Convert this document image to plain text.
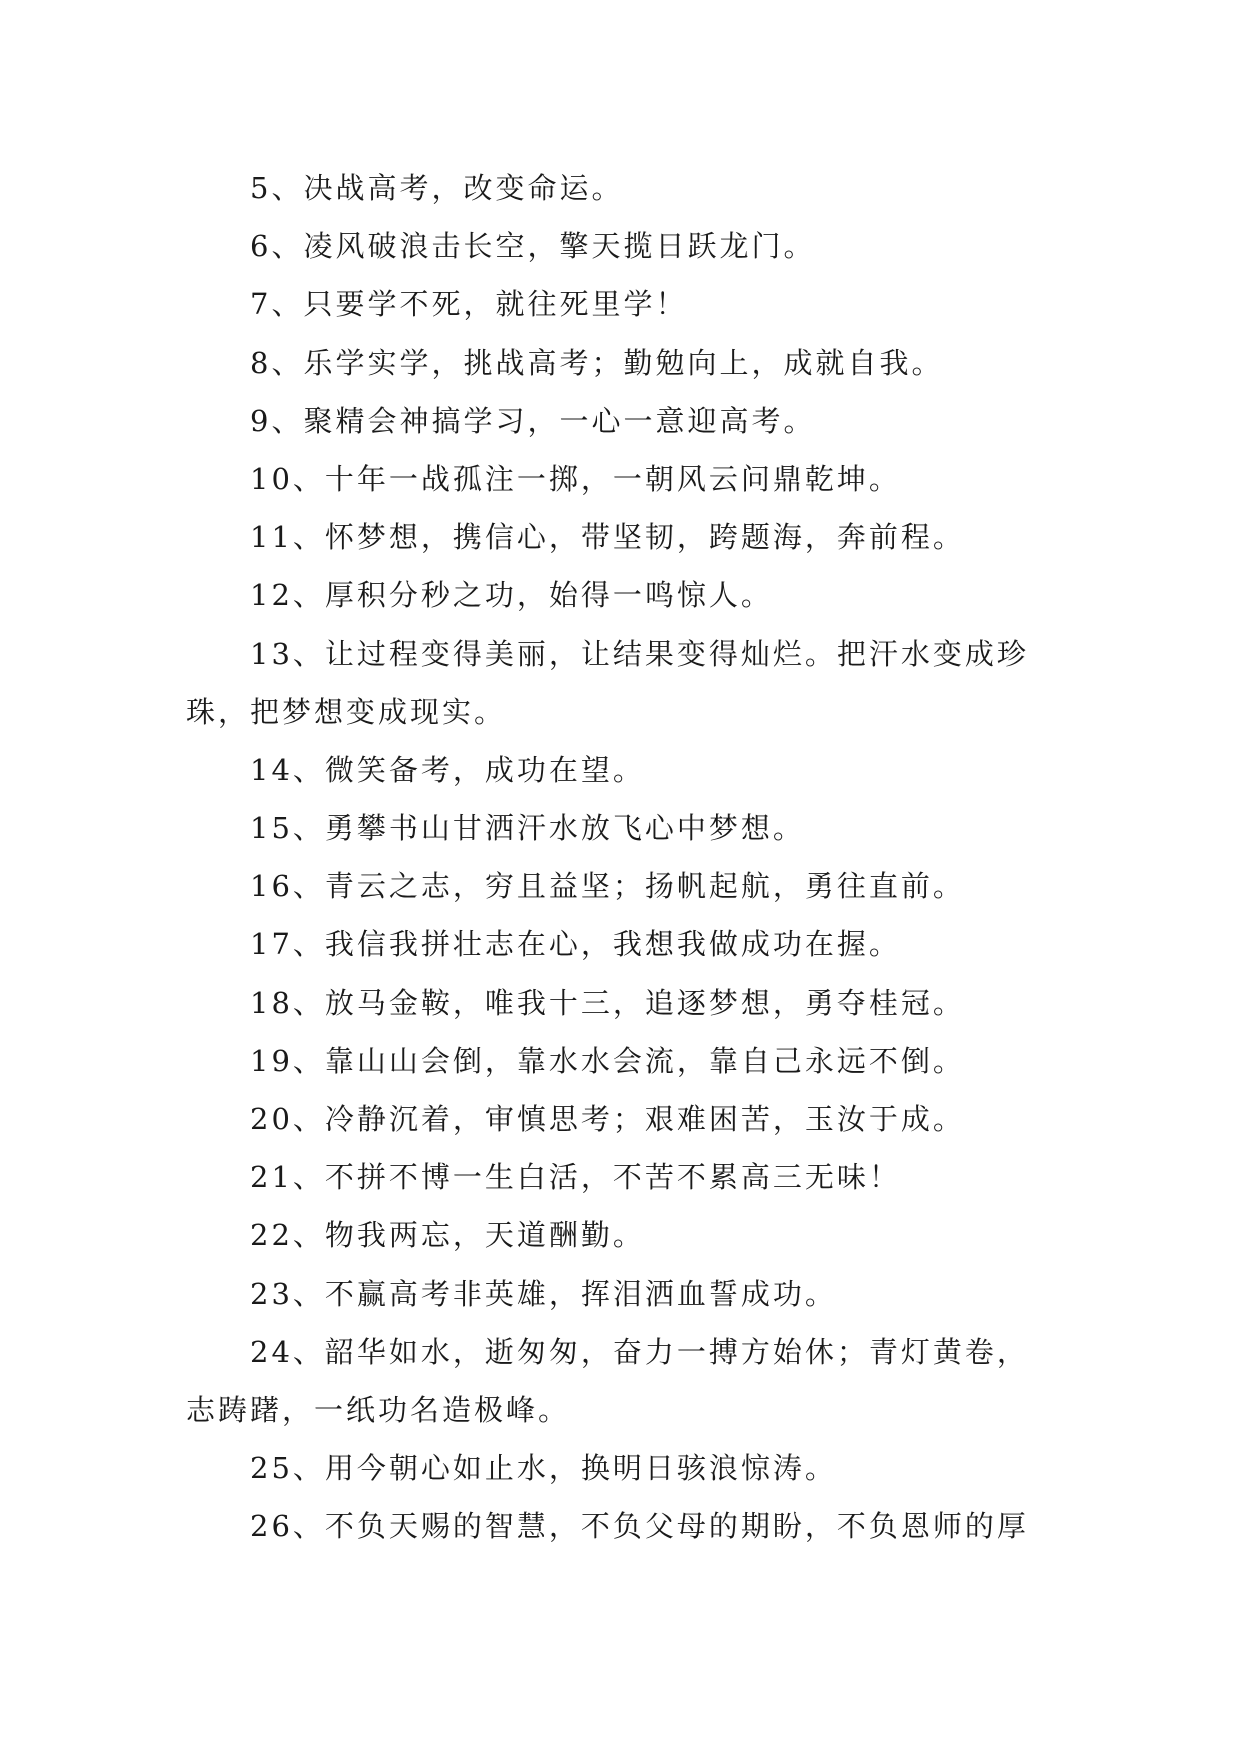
5、决战高考，改变命运。
6、凌风破浪击长空，擎天揽日跃龙门。
7、只要学不死，就往死里学！
8、乐学实学，挑战高考；勤勉向上，成就自我。
9、聚精会神搞学习，一心一意迎高考。
10、十年一战孤注一掷，一朝风云问鼎乾坤。
11、怀梦想，携信心，带坚韧，跨题海，奔前程。
12、厚积分秒之功，始得一鸣惊人。
13、让过程变得美丽，让结果变得灿烂。把汗水变成珍
珠，把梦想变成现实。
14、微笑备考，成功在望。
15、勇攀书山甘洒汗水放飞心中梦想。
16、青云之志，穷且益坚；扬帆起航，勇往直前。
17、我信我拼壮志在心，我想我做成功在握。
18、放马金鞍，唯我十三，追逐梦想，勇夺桂冠。
19、靠山山会倒，靠水水会流，靠自己永远不倒。
20、冷静沉着，审慎思考；艰难困苦，玉汝于成。
21、不拼不博一生白活，不苦不累高三无味！
22、物我两忘，天道酬勤。
23、不赢高考非英雄，挥泪洒血誓成功。
24、韶华如水，逝匆匆，奋力一搏方始休；青灯黄卷，
志踌躇，一纸功名造极峰。
25、用今朝心如止水，换明日骇浪惊涛。
26、不负天赐的智慧，不负父母的期盼，不负恩师的厚
